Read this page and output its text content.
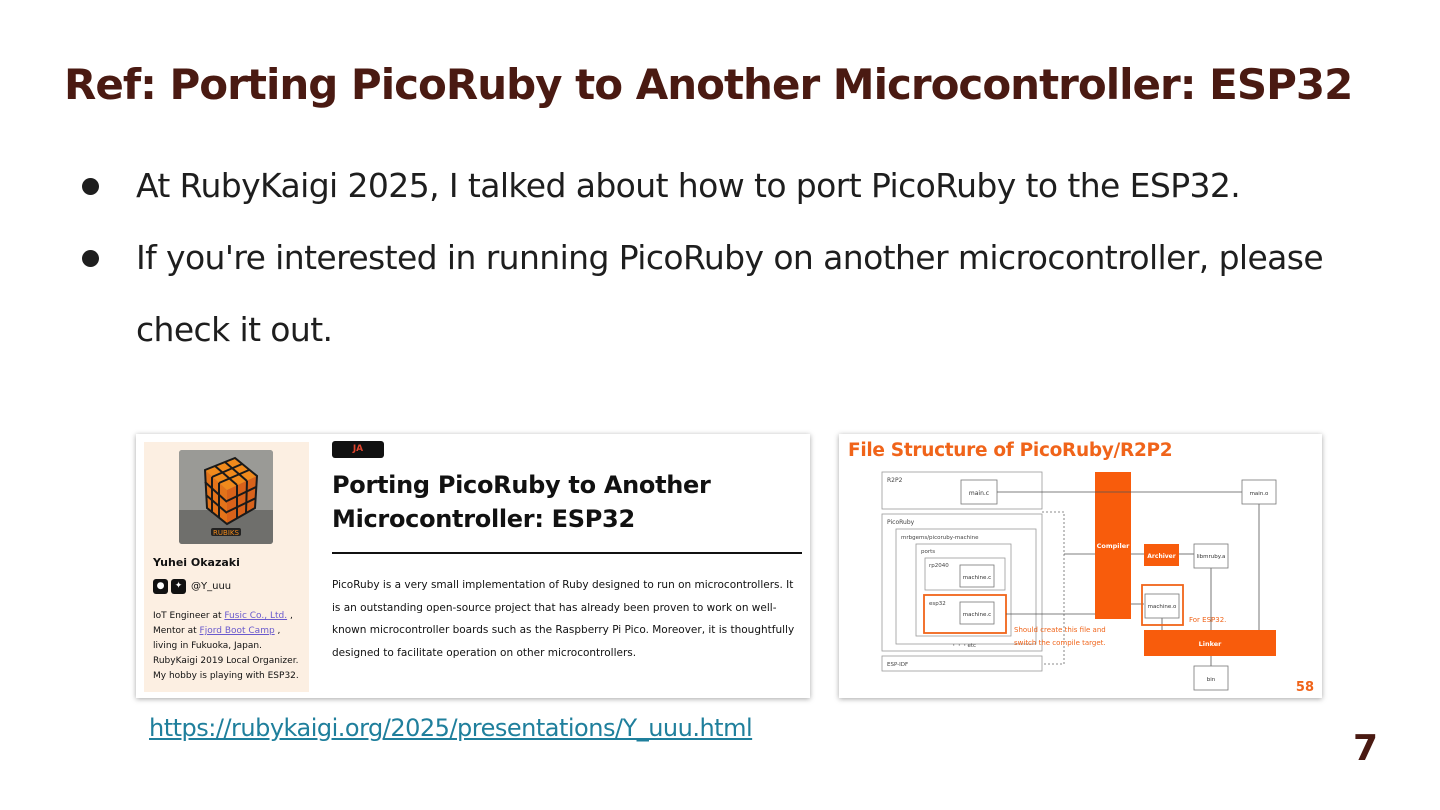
Ref: Porting PicoRuby to Another Microcontroller: ESP32
At RubyKaigi 2025, I talked about how to port PicoRuby to the ESP32.
If you're interested in running PicoRuby on another microcontroller, please check it out.
RUBIKS
Yuhei Okazaki
●	✦ @Y_uuu
IoT Engineer at Fusic Co., Ltd. ,
Mentor at Fjord Boot Camp ,
living in Fukuoka, Japan.
RubyKaigi 2019 Local Organizer.
My hobby is playing with ESP32.
JA
Porting PicoRuby to Another Microcontroller: ESP32
PicoRuby is a very small implementation of Ruby designed to run on microcontrollers. It is an outstanding open-source project that has already been proven to work on well-known microcontroller boards such as the Raspberry Pi Pico. Moreover, it is thoughtfully designed to facilitate operation on other microcontrollers.
File Structure of PicoRuby/R2P2
R2P2
main.c
PicoRuby
mrbgems/picoruby-machine
ports
rp2040
machine.c
esp32
machine.c
・・・etc
ESP-IDF
Compiler
main.o
Archiver	libmruby.a
machine.o
For ESP32.
Linker
bin
Should create this file and
switch the compile target.
58
https://rubykaigi.org/2025/presentations/Y_uuu.html	7
